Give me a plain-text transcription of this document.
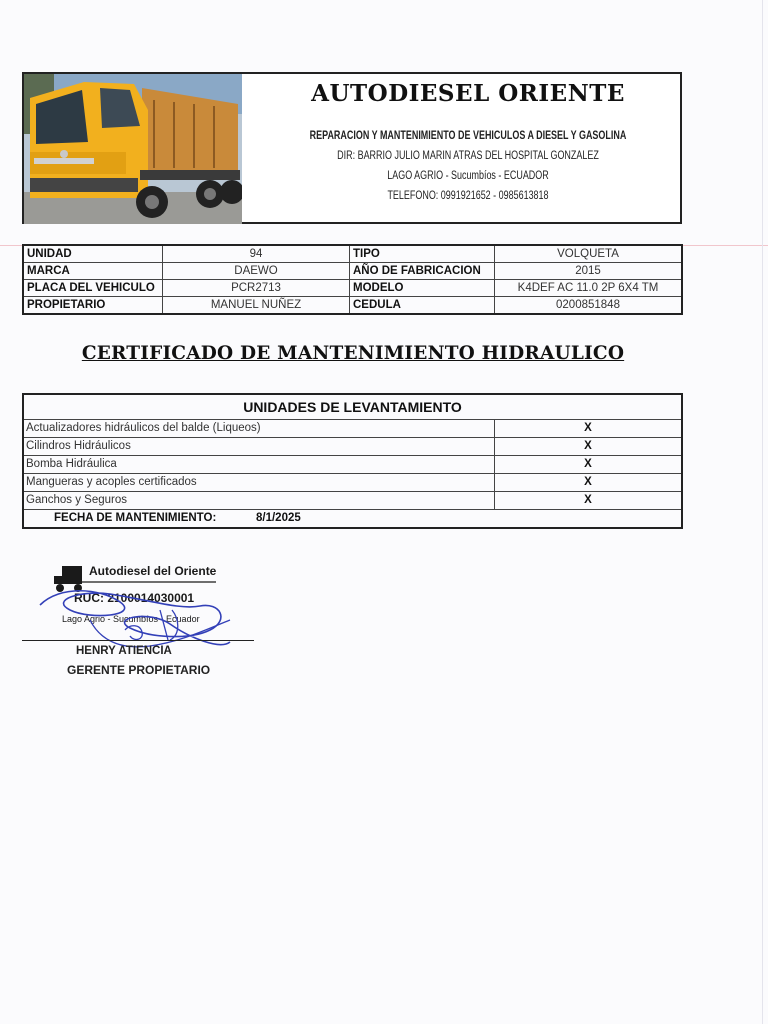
AUTODIESEL ORIENTE
REPARACION Y MANTENIMIENTO DE VEHICULOS A DIESEL Y GASOLINA
DIR: BARRIO JULIO MARIN ATRAS DEL HOSPITAL GONZALEZ
LAGO AGRIO - Sucumbíos - ECUADOR
TELEFONO: 0991921652 - 0985613818
UNIDAD	94	TIPO	VOLQUETA
MARCA	DAEWO	AÑO DE FABRICACION	2015
PLACA DEL VEHICULO	PCR2713	MODELO	K4DEF AC 11.0 2P 6X4 TM
PROPIETARIO	MANUEL NUÑEZ	CEDULA	0200851848
CERTIFICADO DE MANTENIMIENTO HIDRAULICO
UNIDADES DE LEVANTAMIENTO	
Actualizadores hidráulicos del balde (Liqueos)	X
Cilindros Hidráulicos	X
Bomba Hidráulica	X
Mangueras y acoples certificados	X
Ganchos y Seguros	X
FECHA DE MANTENIMIENTO: 8/1/2025	
Autodiesel del Oriente
RUC: 2100014030001
Lago Agrio - Sucumbíos - Ecuador
HENRY ATIENCIA
GERENTE PROPIETARIO
